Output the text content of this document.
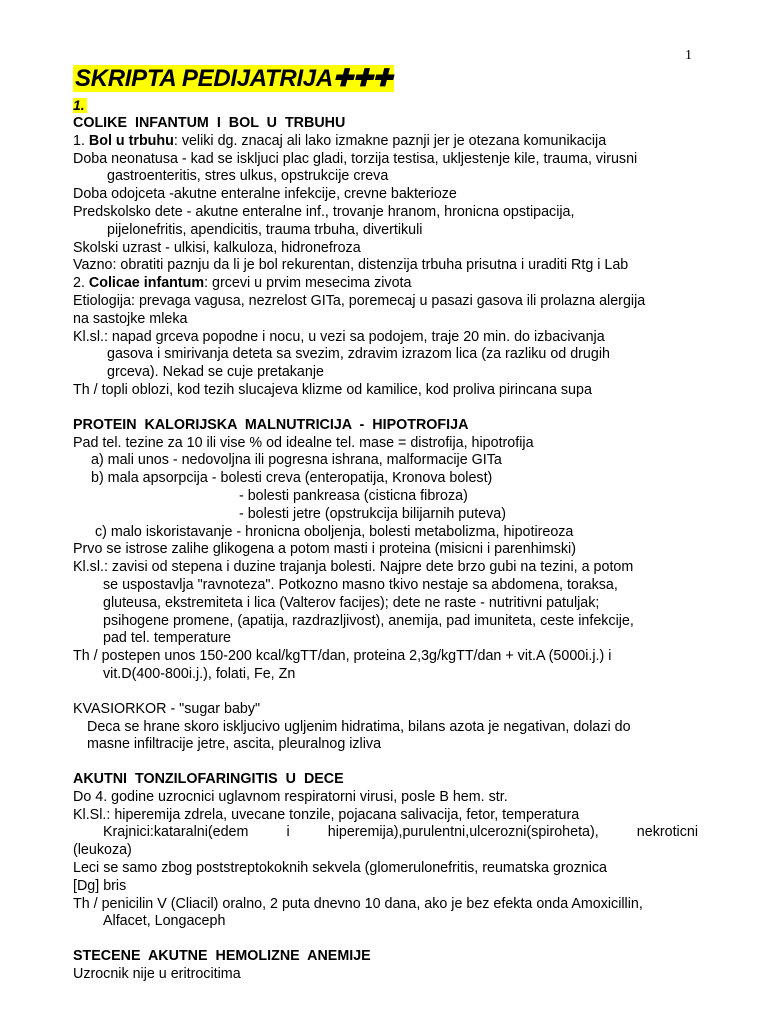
1
SKRIPTA PEDIJATRIJA✚✚✚
1.
COLIKE INFANTUM I BOL U TRBUHU
1. Bol u trbuhu: veliki dg. znacaj ali lako izmakne paznji jer je otezana komunikacija
Doba neonatusa - kad se iskljuci plac gladi, torzija testisa, ukljestenje kile, trauma, virusni
gastroenteritis, stres ulkus, opstrukcije creva
Doba odojceta -akutne enteralne infekcije, crevne bakterioze
Predskolsko dete - akutne enteralne inf., trovanje hranom, hronicna opstipacija,
pijelonefritis, apendicitis, trauma trbuha, divertikuli
Skolski uzrast - ulkisi, kalkuloza, hidronefroza
Vazno: obratiti paznju da li je bol rekurentan, distenzija trbuha prisutna i uraditi Rtg i Lab
2. Colicae infantum: grcevi u prvim mesecima zivota
Etiologija: prevaga vagusa, nezrelost GITa, poremecaj u pasazi gasova ili prolazna alergija
na sastojke mleka
Kl.sl.: napad grceva popodne i nocu, u vezi sa podojem, traje 20 min. do izbacivanja
gasova i smirivanja deteta sa svezim, zdravim izrazom lica (za razliku od drugih
grceva). Nekad se cuje pretakanje
Th / topli oblozi, kod tezih slucajeva klizme od kamilice, kod proliva pirincana supa
PROTEIN KALORIJSKA MALNUTRICIJA - HIPOTROFIJA
Pad tel. tezine za 10 ili vise % od idealne tel. mase = distrofija, hipotrofija
a) mali unos - nedovoljna ili pogresna ishrana, malformacije GITa
b) mala apsorpcija - bolesti creva (enteropatija, Kronova bolest)
- bolesti pankreasa (cisticna fibroza)
- bolesti jetre (opstrukcija bilijarnih puteva)
c) malo iskoristavanje - hronicna oboljenja, bolesti metabolizma, hipotireoza
Prvo se istrose zalihe glikogena a potom masti i proteina (misicni i parenhimski)
Kl.sl.: zavisi od stepena i duzine trajanja bolesti. Najpre dete brzo gubi na tezini, a potom
se uspostavlja "ravnoteza". Potkozno masno tkivo nestaje sa abdomena, toraksa,
gluteusa, ekstremiteta i lica (Valterov facijes); dete ne raste - nutritivni patuljak;
psihogene promene, (apatija, razdrazljivost), anemija, pad imuniteta, ceste infekcije,
pad tel. temperature
Th / postepen unos 150-200 kcal/kgTT/dan, proteina 2,3g/kgTT/dan + vit.A (5000i.j.) i
vit.D(400-800i.j.), folati, Fe, Zn
KVASIORKOR - "sugar baby"
Deca se hrane skoro iskljucivo ugljenim hidratima, bilans azota je negativan, dolazi do
masne infiltracije jetre, ascita, pleuralnog izliva
AKUTNI TONZILOFARINGITIS U DECE
Do 4. godine uzrocnici uglavnom respiratorni virusi, posle B hem. str.
Kl.Sl.: hiperemija zdrela, uvecane tonzile, pojacana salivacija, fetor, temperatura
Krajnici:kataralni(edem i hiperemija),purulentni,ulcerozni(spiroheta), nekroticni
(leukoza)
Leci se samo zbog poststreptokoknih sekvela (glomerulonefritis, reumatska groznica
[Dg] bris
Th / penicilin V (Cliacil) oralno, 2 puta dnevno 10 dana, ako je bez efekta onda Amoxicillin,
Alfacet, Longaceph
STECENE AKUTNE HEMOLIZNE ANEMIJE
Uzrocnik nije u eritrocitima
